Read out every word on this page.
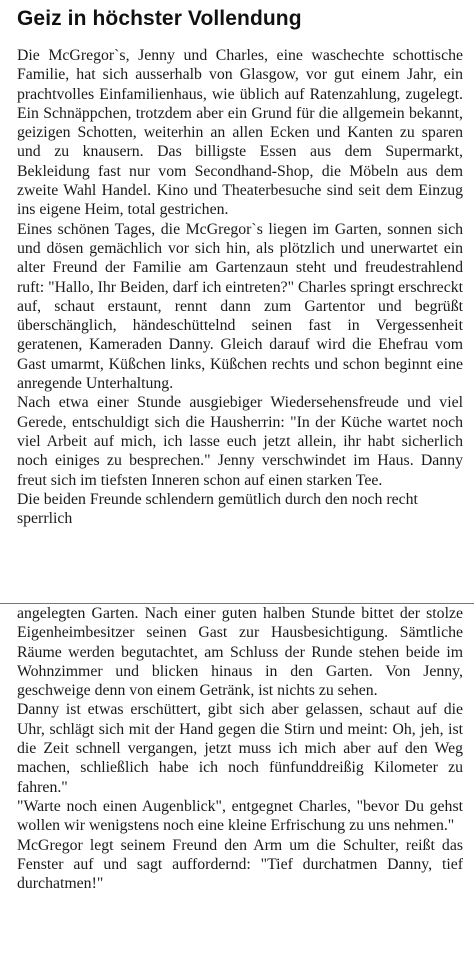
Geiz in höchster Vollendung

Die McGregor`s, Jenny und Charles, eine waschechte schottische Familie, hat sich ausserhalb von Glasgow, vor gut einem Jahr, ein prachtvolles Einfamilienhaus, wie üblich auf Ratenzahlung, zugelegt. Ein Schnäppchen, trotzdem aber ein Grund für die allgemein bekannt, geizigen Schotten, weiterhin an allen Ecken und Kanten zu sparen und zu knausern. Das billigste Essen aus dem Supermarkt, Bekleidung fast nur vom Secondhand-Shop, die Möbeln aus dem zweite Wahl Handel. Kino und Theaterbesuche sind seit dem Einzug ins eigene Heim, total gestrichen.

Eines schönen Tages, die McGregor`s liegen im Garten, sonnen sich und dösen gemächlich vor sich hin, als plötzlich und unerwartet ein alter Freund der Familie am Gartenzaun steht und freudestrahlend ruft: "Hallo, Ihr Beiden, darf ich eintreten?" Charles springt erschreckt auf, schaut erstaunt, rennt dann zum Gartentor und begrüßt überschänglich, händeschüttelnd seinen fast in Vergessenheit geratenen, Kameraden Danny. Gleich darauf wird die Ehefrau vom Gast umarmt, Küßchen links, Küßchen rechts und schon beginnt eine anregende Unterhaltung.

Nach etwa einer Stunde ausgiebiger Wiedersehensfreude und viel Gerede, entschuldigt sich die Hausherrin: "In der Küche wartet noch viel Arbeit auf mich, ich lasse euch jetzt allein, ihr habt sicherlich noch einiges zu besprechen." Jenny verschwindet im Haus. Danny freut sich im tiefsten Inneren schon auf einen starken Tee.

Die beiden Freunde schlendern gemütlich durch den noch recht sperrlich

angelegten Garten. Nach einer guten halben Stunde bittet der stolze Eigenheimbesitzer seinen Gast zur Hausbesichtigung. Sämtliche Räume werden begutachtet, am Schluss der Runde stehen beide im Wohnzimmer und blicken hinaus in den Garten. Von Jenny, geschweige denn von einem Getränk, ist nichts zu sehen.

Danny ist etwas erschüttert, gibt sich aber gelassen, schaut auf die Uhr, schlägt sich mit der Hand gegen die Stirn und meint: Oh, jeh, ist die Zeit schnell vergangen, jetzt muss ich mich aber auf den Weg machen, schließlich habe ich noch fünfunddreißig Kilometer zu fahren."

"Warte noch einen Augenblick", entgegnet Charles, "bevor Du gehst wollen wir wenigstens noch eine kleine Erfrischung zu uns nehmen."

McGregor legt seinem Freund den Arm um die Schulter, reißt das Fenster auf und sagt auffordernd: "Tief durchatmen Danny, tief durchatmen!"
